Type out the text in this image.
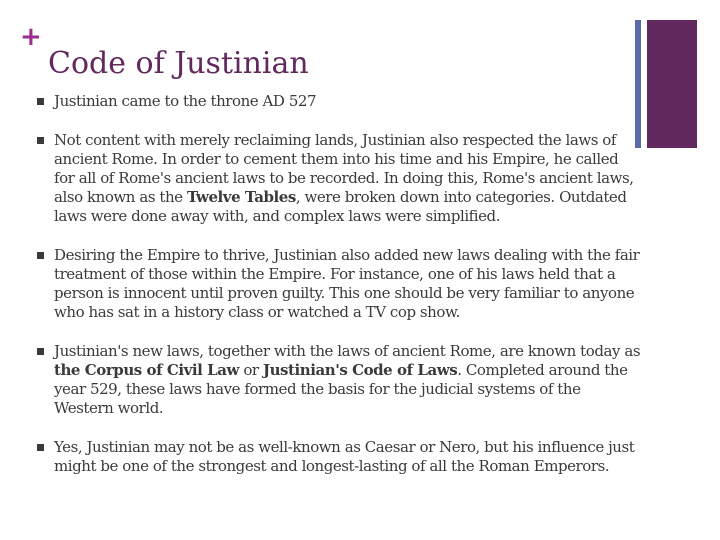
+
Code of Justinian
Justinian came to the throne AD 527
Not content with merely reclaiming lands, Justinian also respected the laws of ancient Rome. In order to cement them into his time and his Empire, he called for all of Rome's ancient laws to be recorded. In doing this, Rome's ancient laws, also known as the Twelve Tables, were broken down into categories. Outdated laws were done away with, and complex laws were simplified.
Desiring the Empire to thrive, Justinian also added new laws dealing with the fair treatment of those within the Empire. For instance, one of his laws held that a person is innocent until proven guilty. This one should be very familiar to anyone who has sat in a history class or watched a TV cop show.
Justinian's new laws, together with the laws of ancient Rome, are known today as the Corpus of Civil Law or Justinian's Code of Laws. Completed around the year 529, these laws have formed the basis for the judicial systems of the Western world.
Yes, Justinian may not be as well-known as Caesar or Nero, but his influence just might be one of the strongest and longest-lasting of all the Roman Emperors.
